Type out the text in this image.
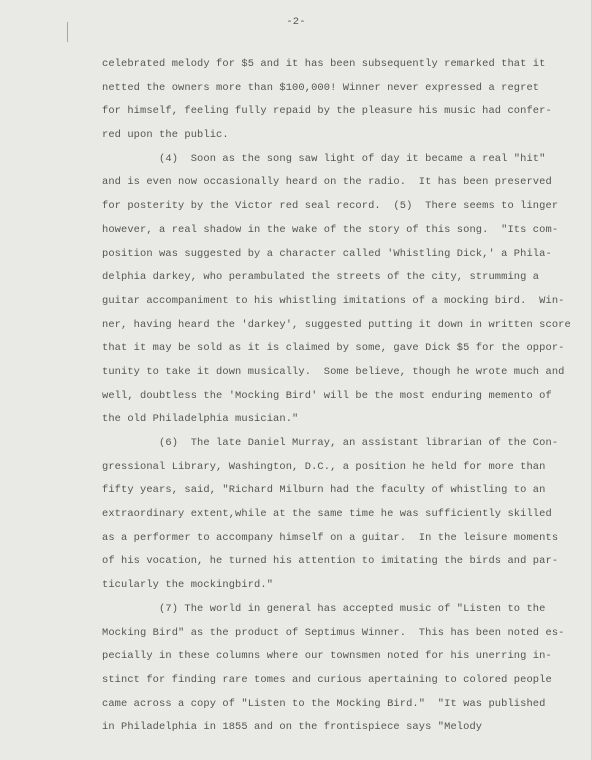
-2-
celebrated melody for $5 and it has been subsequently remarked that it
netted the owners more than $100,000! Winner never expressed a regret
for himself, feeling fully repaid by the pleasure his music had confer-
red upon the public.
(4)  Soon as the song saw light of day it became a real "hit"
and is even now occasionally heard on the radio.  It has been preserved
for posterity by the Victor red seal record.  (5)  There seems to linger
however, a real shadow in the wake of the story of this song.  "Its com-
position was suggested by a character called 'Whistling Dick,' a Phila-
delphia darkey, who perambulated the streets of the city, strumming a
guitar accompaniment to his whistling imitations of a mocking bird.  Win-
ner, having heard the 'darkey', suggested putting it down in written score
that it may be sold as it is claimed by some, gave Dick $5 for the oppor-
tunity to take it down musically.  Some believe, though he wrote much and
well, doubtless the 'Mocking Bird' will be the most enduring memento of
the old Philadelphia musician."
(6)  The late Daniel Murray, an assistant librarian of the Con-
gressional Library, Washington, D.C., a position he held for more than
fifty years, said, "Richard Milburn had the faculty of whistling to an
extraordinary extent,while at the same time he was sufficiently skilled
as a performer to accompany himself on a guitar.  In the leisure moments
of his vocation, he turned his attention to imitating the birds and par-
ticularly the mockingbird."
(7) The world in general has accepted music of "Listen to the
Mocking Bird" as the product of Septimus Winner.  This has been noted es-
pecially in these columns where our townsmen noted for his unerring in-
stinct for finding rare tomes and curious apertaining to colored people
came across a copy of "Listen to the Mocking Bird."  "It was published
in Philadelphia in 1855 and on the frontispiece says "Melody
